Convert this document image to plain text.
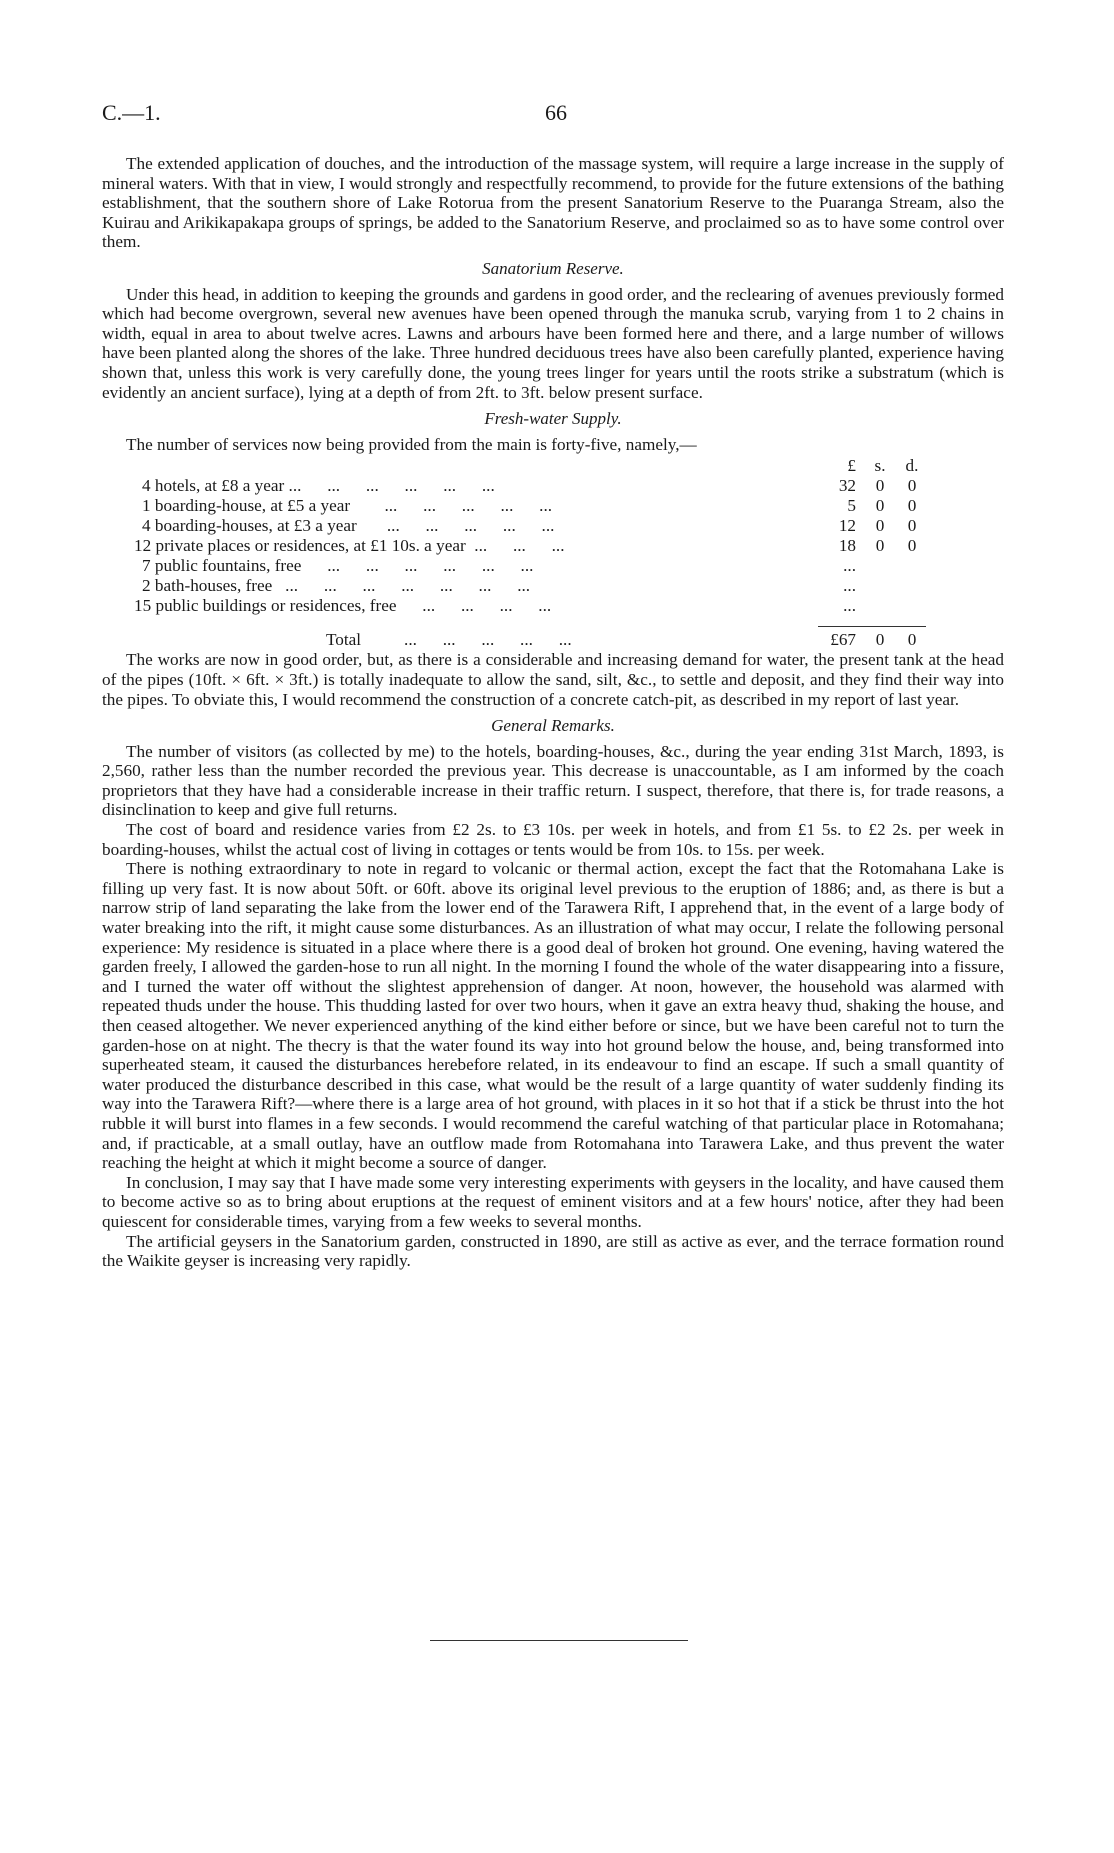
C.—1.	66

The extended application of douches, and the introduction of the massage system, will require a large increase in the supply of mineral waters. With that in view, I would strongly and respectfully recommend, to provide for the future extensions of the bathing establishment, that the southern shore of Lake Rotorua from the present Sanatorium Reserve to the Puaranga Stream, also the Kuirau and Arikikapakapa groups of springs, be added to the Sanatorium Reserve, and proclaimed so as to have some control over them.

Sanatorium Reserve.

Under this head, in addition to keeping the grounds and gardens in good order, and the reclearing of avenues previously formed which had become overgrown, several new avenues have been opened through the manuka scrub, varying from 1 to 2 chains in width, equal in area to about twelve acres. Lawns and arbours have been formed here and there, and a large number of willows have been planted along the shores of the lake. Three hundred deciduous trees have also been carefully planted, experience having shown that, unless this work is very carefully done, the young trees linger for years until the roots strike a substratum (which is evidently an ancient surface), lying at a depth of from 2ft. to 3ft. below present surface.

Fresh-water Supply.

The number of services now being provided from the main is forty-five, namely,—

£ s. d.
4 hotels, at £8 a year ...      ...      ...      ...      ...      ...	32	0	0
1 boarding-house, at £5 a year        ...      ...      ...      ...      ...	5	0	0
4 boarding-houses, at £3 a year       ...      ...      ...      ...      ...	12	0	0
12 private places or residences, at £1 10s. a year  ...      ...      ...	18	0	0
7 public fountains, free      ...      ...      ...      ...      ...      ...	...
2 bath-houses, free   ...      ...      ...      ...      ...      ...      ...	...
15 public buildings or residences, free      ...      ...      ...      ...	...
Total          ...      ...      ...      ...      ...	£67	0	0

The works are now in good order, but, as there is a considerable and increasing demand for water, the present tank at the head of the pipes (10ft. × 6ft. × 3ft.) is totally inadequate to allow the sand, silt, &c., to settle and deposit, and they find their way into the pipes. To obviate this, I would recommend the construction of a concrete catch-pit, as described in my report of last year.

General Remarks.

The number of visitors (as collected by me) to the hotels, boarding-houses, &c., during the year ending 31st March, 1893, is 2,560, rather less than the number recorded the previous year. This decrease is unaccountable, as I am informed by the coach proprietors that they have had a considerable increase in their traffic return. I suspect, therefore, that there is, for trade reasons, a disinclination to keep and give full returns.

The cost of board and residence varies from £2 2s. to £3 10s. per week in hotels, and from £1 5s. to £2 2s. per week in boarding-houses, whilst the actual cost of living in cottages or tents would be from 10s. to 15s. per week.

There is nothing extraordinary to note in regard to volcanic or thermal action, except the fact that the Rotomahana Lake is filling up very fast. It is now about 50ft. or 60ft. above its original level previous to the eruption of 1886; and, as there is but a narrow strip of land separating the lake from the lower end of the Tarawera Rift, I apprehend that, in the event of a large body of water breaking into the rift, it might cause some disturbances. As an illustration of what may occur, I relate the following personal experience: My residence is situated in a place where there is a good deal of broken hot ground. One evening, having watered the garden freely, I allowed the garden-hose to run all night. In the morning I found the whole of the water disappearing into a fissure, and I turned the water off without the slightest apprehension of danger. At noon, however, the household was alarmed with repeated thuds under the house. This thudding lasted for over two hours, when it gave an extra heavy thud, shaking the house, and then ceased altogether. We never experienced anything of the kind either before or since, but we have been careful not to turn the garden-hose on at night. The thecry is that the water found its way into hot ground below the house, and, being transformed into superheated steam, it caused the disturbances herebefore related, in its endeavour to find an escape. If such a small quantity of water produced the disturbance described in this case, what would be the result of a large quantity of water suddenly finding its way into the Tarawera Rift?—where there is a large area of hot ground, with places in it so hot that if a stick be thrust into the hot rubble it will burst into flames in a few seconds. I would recommend the careful watching of that particular place in Rotomahana; and, if practicable, at a small outlay, have an outflow made from Rotomahana into Tarawera Lake, and thus prevent the water reaching the height at which it might become a source of danger.

In conclusion, I may say that I have made some very interesting experiments with geysers in the locality, and have caused them to become active so as to bring about eruptions at the request of eminent visitors and at a few hours' notice, after they had been quiescent for considerable times, varying from a few weeks to several months.

The artificial geysers in the Sanatorium garden, constructed in 1890, are still as active as ever, and the terrace formation round the Waikite geyser is increasing very rapidly.
